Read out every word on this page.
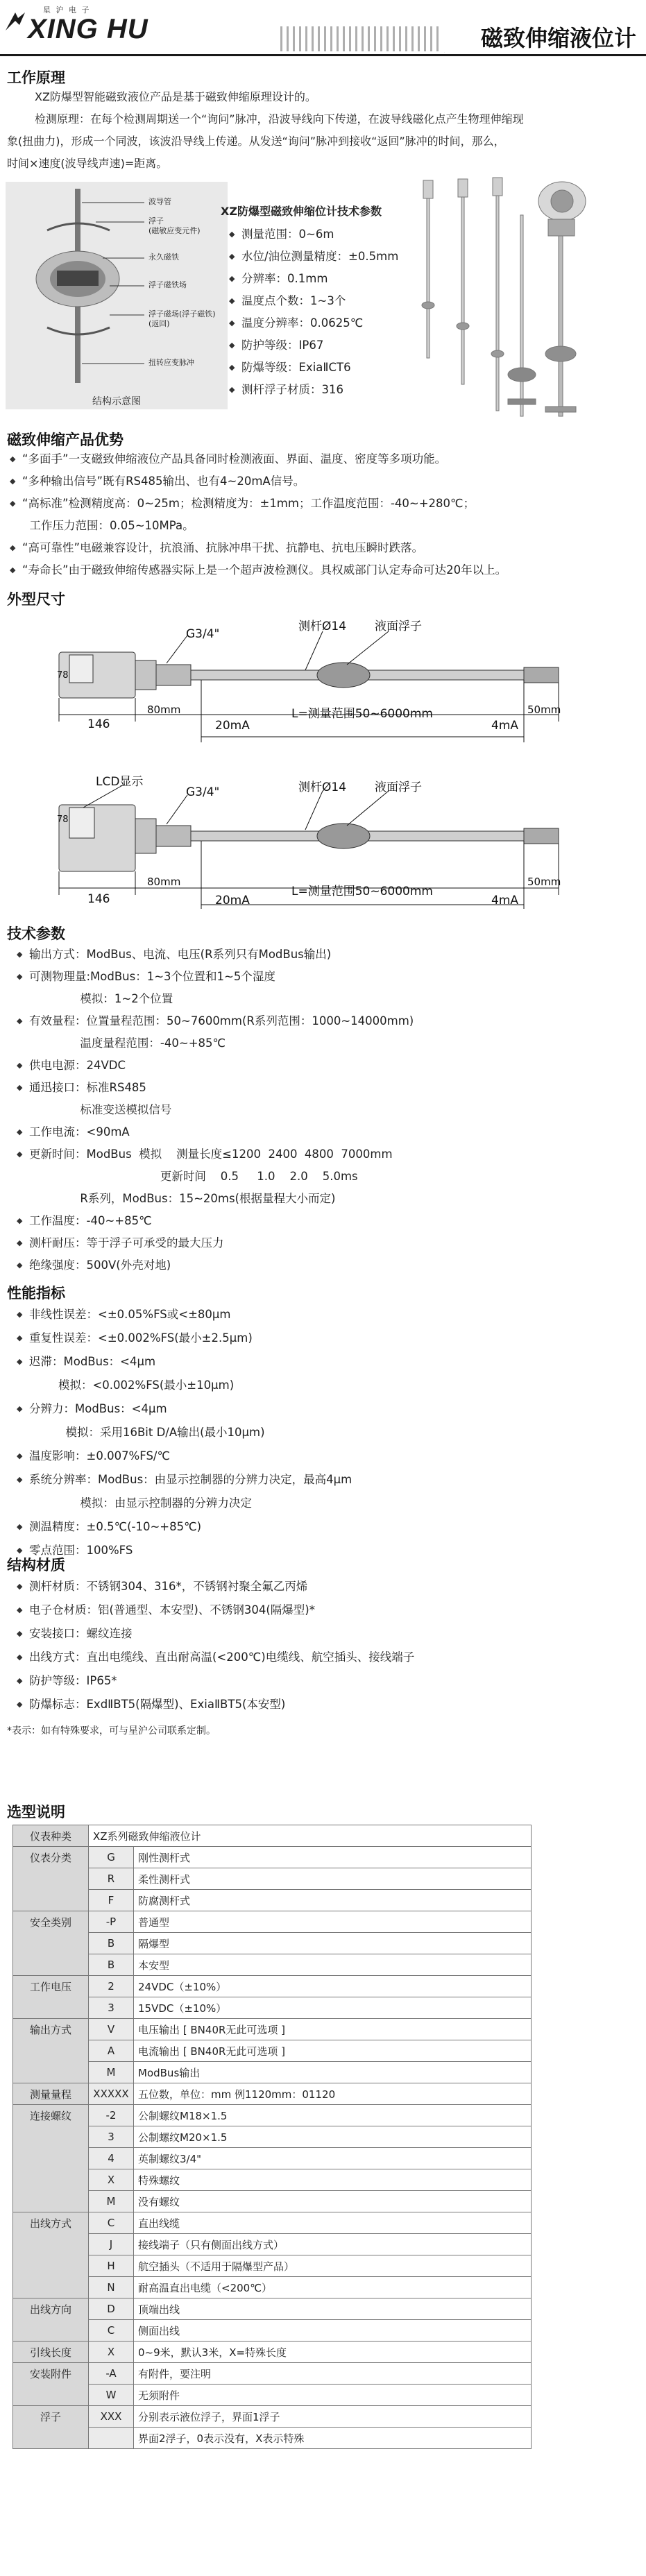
星 沪 电 子
XING HU	磁致伸缩液位计
工作原理
XZ防爆型智能磁致液位产品是基于磁致伸缩原理设计的。
检测原理：在每个检测周期送一个“询问”脉冲，沿波导线向下传递，在波导线磁化点产生物理伸缩现
象(扭曲力)，形成一个同波，该波沿导线上传递。从发送“询问”脉冲到接收“返回”脉冲的时间，那么，
时间×速度(波导线声速)=距离。
波导管
浮子
(磁敏应变元件)
永久磁铁
浮子磁铁场
浮子磁场(浮子磁铁)
(返回)
扭转应变脉冲
结构示意图
XZ防爆型磁致伸缩位计技术参数
◆ 测量范围：0~6m
◆ 水位/油位测量精度：±0.5mm
◆ 分辨率：0.1mm
◆ 温度点个数：1~3个
◆ 温度分辨率：0.0625℃
◆ 防护等级：IP67
◆ 防爆等级：ExiaⅡCT6
◆ 测杆浮子材质：316
磁致伸缩产品优势
◆ “多面手”一支磁致伸缩液位产品具备同时检测液面、界面、温度、密度等多项功能。
◆ “多种输出信号”既有RS485输出、也有4~20mA信号。
◆ “高标准”检测精度高：0~25m；检测精度为：±1mm；工作温度范围：-40~+280℃；
工作压力范围：0.05~10MPa。
◆ “高可靠性”电磁兼容设计，抗浪涌、抗脉冲串干扰、抗静电、抗电压瞬时跌落。
◆ “寿命长”由于磁致伸缩传感器实际上是一个超声波检测仪。具权威部门认定寿命可达20年以上。
外型尺寸
78
测杆Ø14 液面浮子
G3/4"
146
80mm	L=测量范围50~6000mm	50mm
20mA	4mA
LCD显示
78
测杆Ø14 液面浮子
G3/4"
146
80mm
L=测量范围50~6000mm
50mm
20mA	4mA
技术参数
◆ 输出方式：ModBus、电流、电压(R系列只有ModBus输出)
◆ 可测物理量:ModBus：1~3个位置和1~5个湿度
模拟：1~2个位置
◆ 有效量程：位置量程范围：50~7600mm(R系列范围：1000~14000mm)
温度量程范围：-40~+85℃
◆ 供电电源：24VDC
◆ 通迅接口：标准RS485
标准变送模拟信号
◆ 工作电流：<90mA
◆ 更新时间：ModBus  模拟    测量长度≤1200  2400  4800  7000mm
更新时间    0.5     1.0    2.0    5.0ms
R系列，ModBus：15~20ms(根据量程大小而定)
◆ 工作温度：-40~+85℃
◆ 测杆耐压：等于浮子可承受的最大压力
◆ 绝缘强度：500V(外壳对地)
性能指标
◆ 非线性误差：<±0.05%FS或<±80μm
◆ 重复性误差：<±0.002%FS(最小±2.5μm)
◆ 迟滞：ModBus：<4μm
模拟：<0.002%FS(最小±10μm)
◆ 分辨力：ModBus：<4μm
模拟：采用16Bit D/A输出(最小10μm)
◆ 温度影响：±0.007%FS/℃
◆ 系统分辨率：ModBus：由显示控制器的分辨力决定，最高4μm
模拟：由显示控制器的分辨力决定
◆ 测温精度：±0.5℃(-10~+85℃)
◆ 零点范围：100%FS
结构材质
◆ 测杆材质：不锈钢304、316*，不锈钢衬聚全氟乙丙烯
◆ 电子仓材质：铝(普通型、本安型)、不锈钢304(隔爆型)*
◆ 安装接口：螺纹连接
◆ 出线方式：直出电缆线、直出耐高温(<200℃)电缆线、航空插头、接线端子
◆ 防护等级：IP65*
◆ 防爆标志：ExdⅡBT5(隔爆型)、ExiaⅡBT5(本安型)
*表示：如有特殊要求，可与星沪公司联系定制。
选型说明
仪表种类	XZ系列磁致伸缩液位计	
仪表分类	G	刚性测杆式
	R	柔性测杆式
	F	防腐测杆式
安全类别	-P	普通型
	B	隔爆型
	B	本安型
工作电压	2	24VDC（±10%）
	3	15VDC（±10%）
输出方式	V	电压输出 [ BN40R无此可选项 ]
	A	电流输出 [ BN40R无此可选项 ]
	M	ModBus输出
测量量程	XXXXX	五位数，单位：mm 例1120mm：01120
连接螺纹	-2	公制螺纹M18×1.5
	3	公制螺纹M20×1.5
	4	英制螺纹3/4"
	X	特殊螺纹
	M	没有螺纹
出线方式	C	直出线缆
	J	接线端子（只有侧面出线方式）
	H	航空插头（不适用于隔爆型产品）
	N	耐高温直出电缆（<200℃）
出线方向	D	顶端出线
	C	侧面出线
引线长度	X	0~9米，默认3米，X=特殊长度
安装附件	-A	有附件，要注明
	W	无须附件
浮子	XXX	分别表示液位浮子，界面1浮子
		界面2浮子，0表示没有，X表示特殊
